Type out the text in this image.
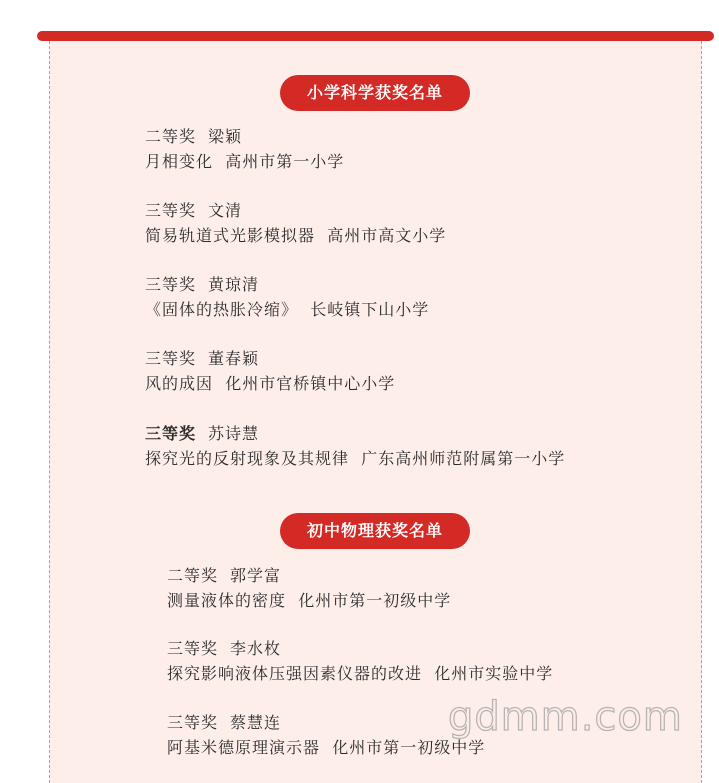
小学科学获奖名单
二等奖 梁颖
月相变化 高州市第一小学
三等奖 文清
简易轨道式光影模拟器 高州市高文小学
三等奖 黄琼清
《固体的热胀冷缩》 长岐镇下山小学
三等奖 董春颖
风的成因 化州市官桥镇中心小学
三等奖 苏诗慧
探究光的反射现象及其规律 广东高州师范附属第一小学
初中物理获奖名单
二等奖 郭学富
测量液体的密度 化州市第一初级中学
三等奖 李水枚
探究影响液体压强因素仪器的改进 化州市实验中学
三等奖 蔡慧连
阿基米德原理演示器 化州市第一初级中学
gdmm.com
